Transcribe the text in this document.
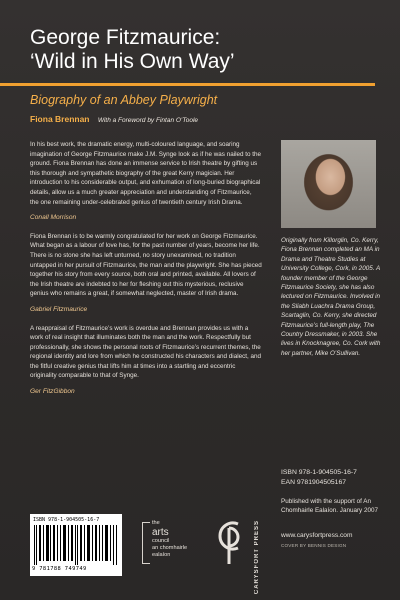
George Fitzmaurice:
‘Wild in His Own Way’
Biography of an Abbey Playwright
Fiona Brennan With a Foreword by Fintan O’Toole

In his best work, the dramatic energy, multi-coloured language, and soaring imagination of George Fitzmaurice make J.M. Synge look as if he was nailed to the ground. Fiona Brennan has done an immense service to Irish theatre by gifting us this thorough and sympathetic biography of the great Kerry magician. Her introduction to his considerable output, and exhumation of long-buried biographical details, allow us a much greater appreciation and understanding of Fitzmaurice, the one remaining under-celebrated genius of twentieth century Irish Drama.

Conall Morrison

Fiona Brennan is to be warmly congratulated for her work on George Fitzmaurice. What began as a labour of love has, for the past number of years, become her life. There is no stone she has left unturned, no story unexamined, no tradition untapped in her pursuit of Fitzmaurice, the man and the playwright. She has pieced together his story from every source, both oral and printed, available. All lovers of the Irish theatre are indebted to her for fleshing out this mysterious, reclusive genius who remains a great, if somewhat neglected, master of Irish drama.

Gabriel Fitzmaurice

A reappraisal of Fitzmaurice’s work is overdue and Brennan provides us with a work of real insight that illuminates both the man and the work. Respectfully but professionally, she shows the personal roots of Fitzmaurice’s recurrent themes, the regional identity and lore from which he constructed his characters and dialect, and the fitful creative genius that lifts him at times into a startling and eccentric originality comparable to that of Synge.

Ger FitzGibbon

Originally from Killorglin, Co. Kerry, Fiona Brennan completed an MA in Drama and Theatre Studies at University College, Cork, in 2005. A founder member of the George Fitzmaurice Society, she has also lectured on Fitzmaurice. Involved in the Sliabh Luachra Drama Group, Scartaglin, Co. Kerry, she directed Fitzmaurice’s full-length play, The Country Dressmaker, in 2003. She lives in Knocknagree, Co. Cork with her partner, Mike O’Sullivan.
ISBN 978-1-904505-16-7
EAN 9781904505167
Published with the support of An Chomhairle Ealaíon. January 2007
www.carysfortpress.com
COVER BY BENNIS DESIGN
ISBN 978-1-904505-16-7
9 781788 749749
the
arts
council
an chomhairle
ealaíon	CARYSFORT PRESS
